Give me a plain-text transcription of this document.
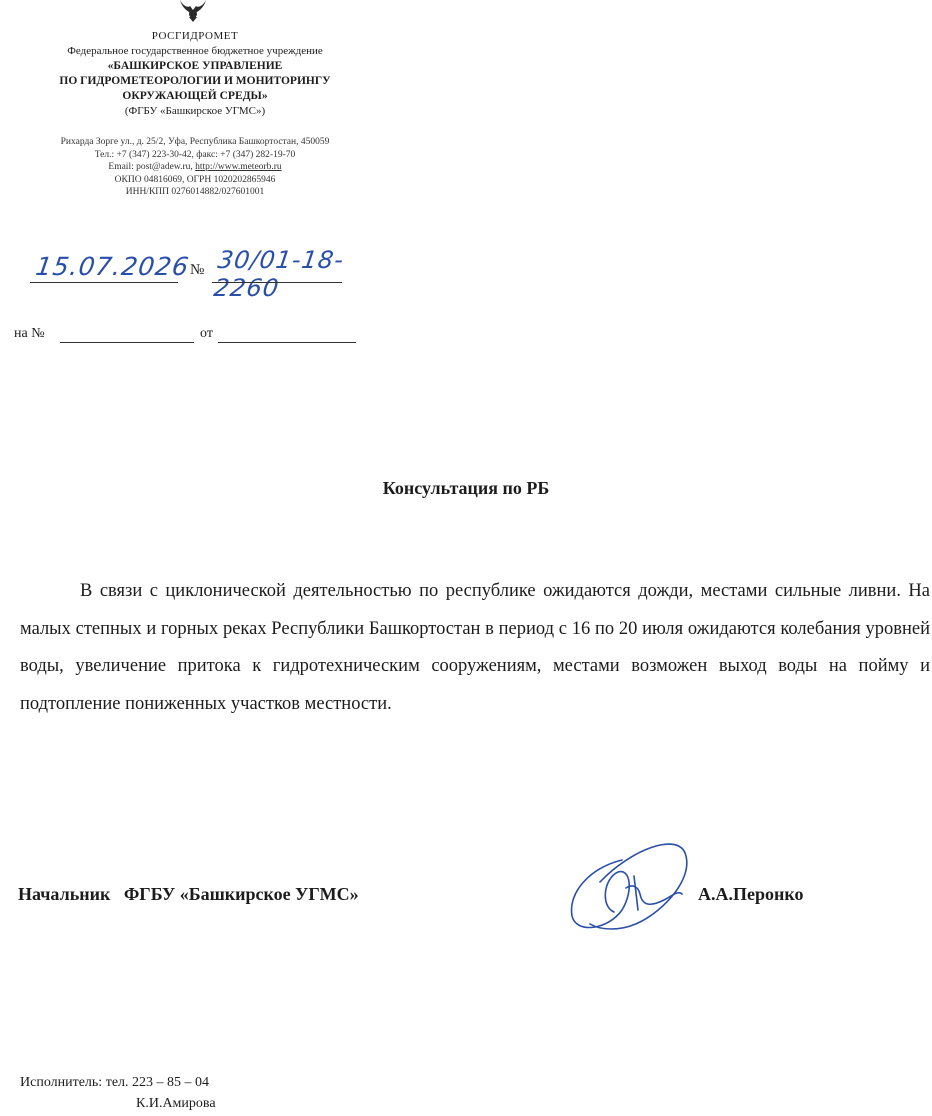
РОСГИДРОМЕТ
Федеральное государственное бюджетное учреждение
«БАШКИРСКОЕ УПРАВЛЕНИЕ
ПО ГИДРОМЕТЕОРОЛОГИИ И МОНИТОРИНГУ
ОКРУЖАЮЩЕЙ СРЕДЫ»
(ФГБУ «Башкирское УГМС»)
Рихарда Зорге ул., д. 25/2, Уфа, Республика Башкортостан, 450059
Тел.: +7 (347) 223-30-42, факс: +7 (347) 282-19-70
Email: post@adew.ru, http://www.meteorb.ru
ОКПО 04816069, ОГРН 1020202865946
ИНН/КПП 0276014882/027601001
15.07.2026
№ 30/01-18-2260
на №	от
Консультация по РБ

В связи с циклонической деятельностью по республике ожидаются дожди, местами сильные ливни. На малых степных и горных реках Республики Башкортостан в период с 16 по 20 июля ожидаются колебания уровней воды, увеличение притока к гидротехническим сооружениям, местами возможен выход воды на пойму и подтопление пониженных участков местности.

Начальник   ФГБУ «Башкирское УГМС»	А.А.Перонко
Исполнитель: тел. 223 – 85 – 04
К.И.Амирова
